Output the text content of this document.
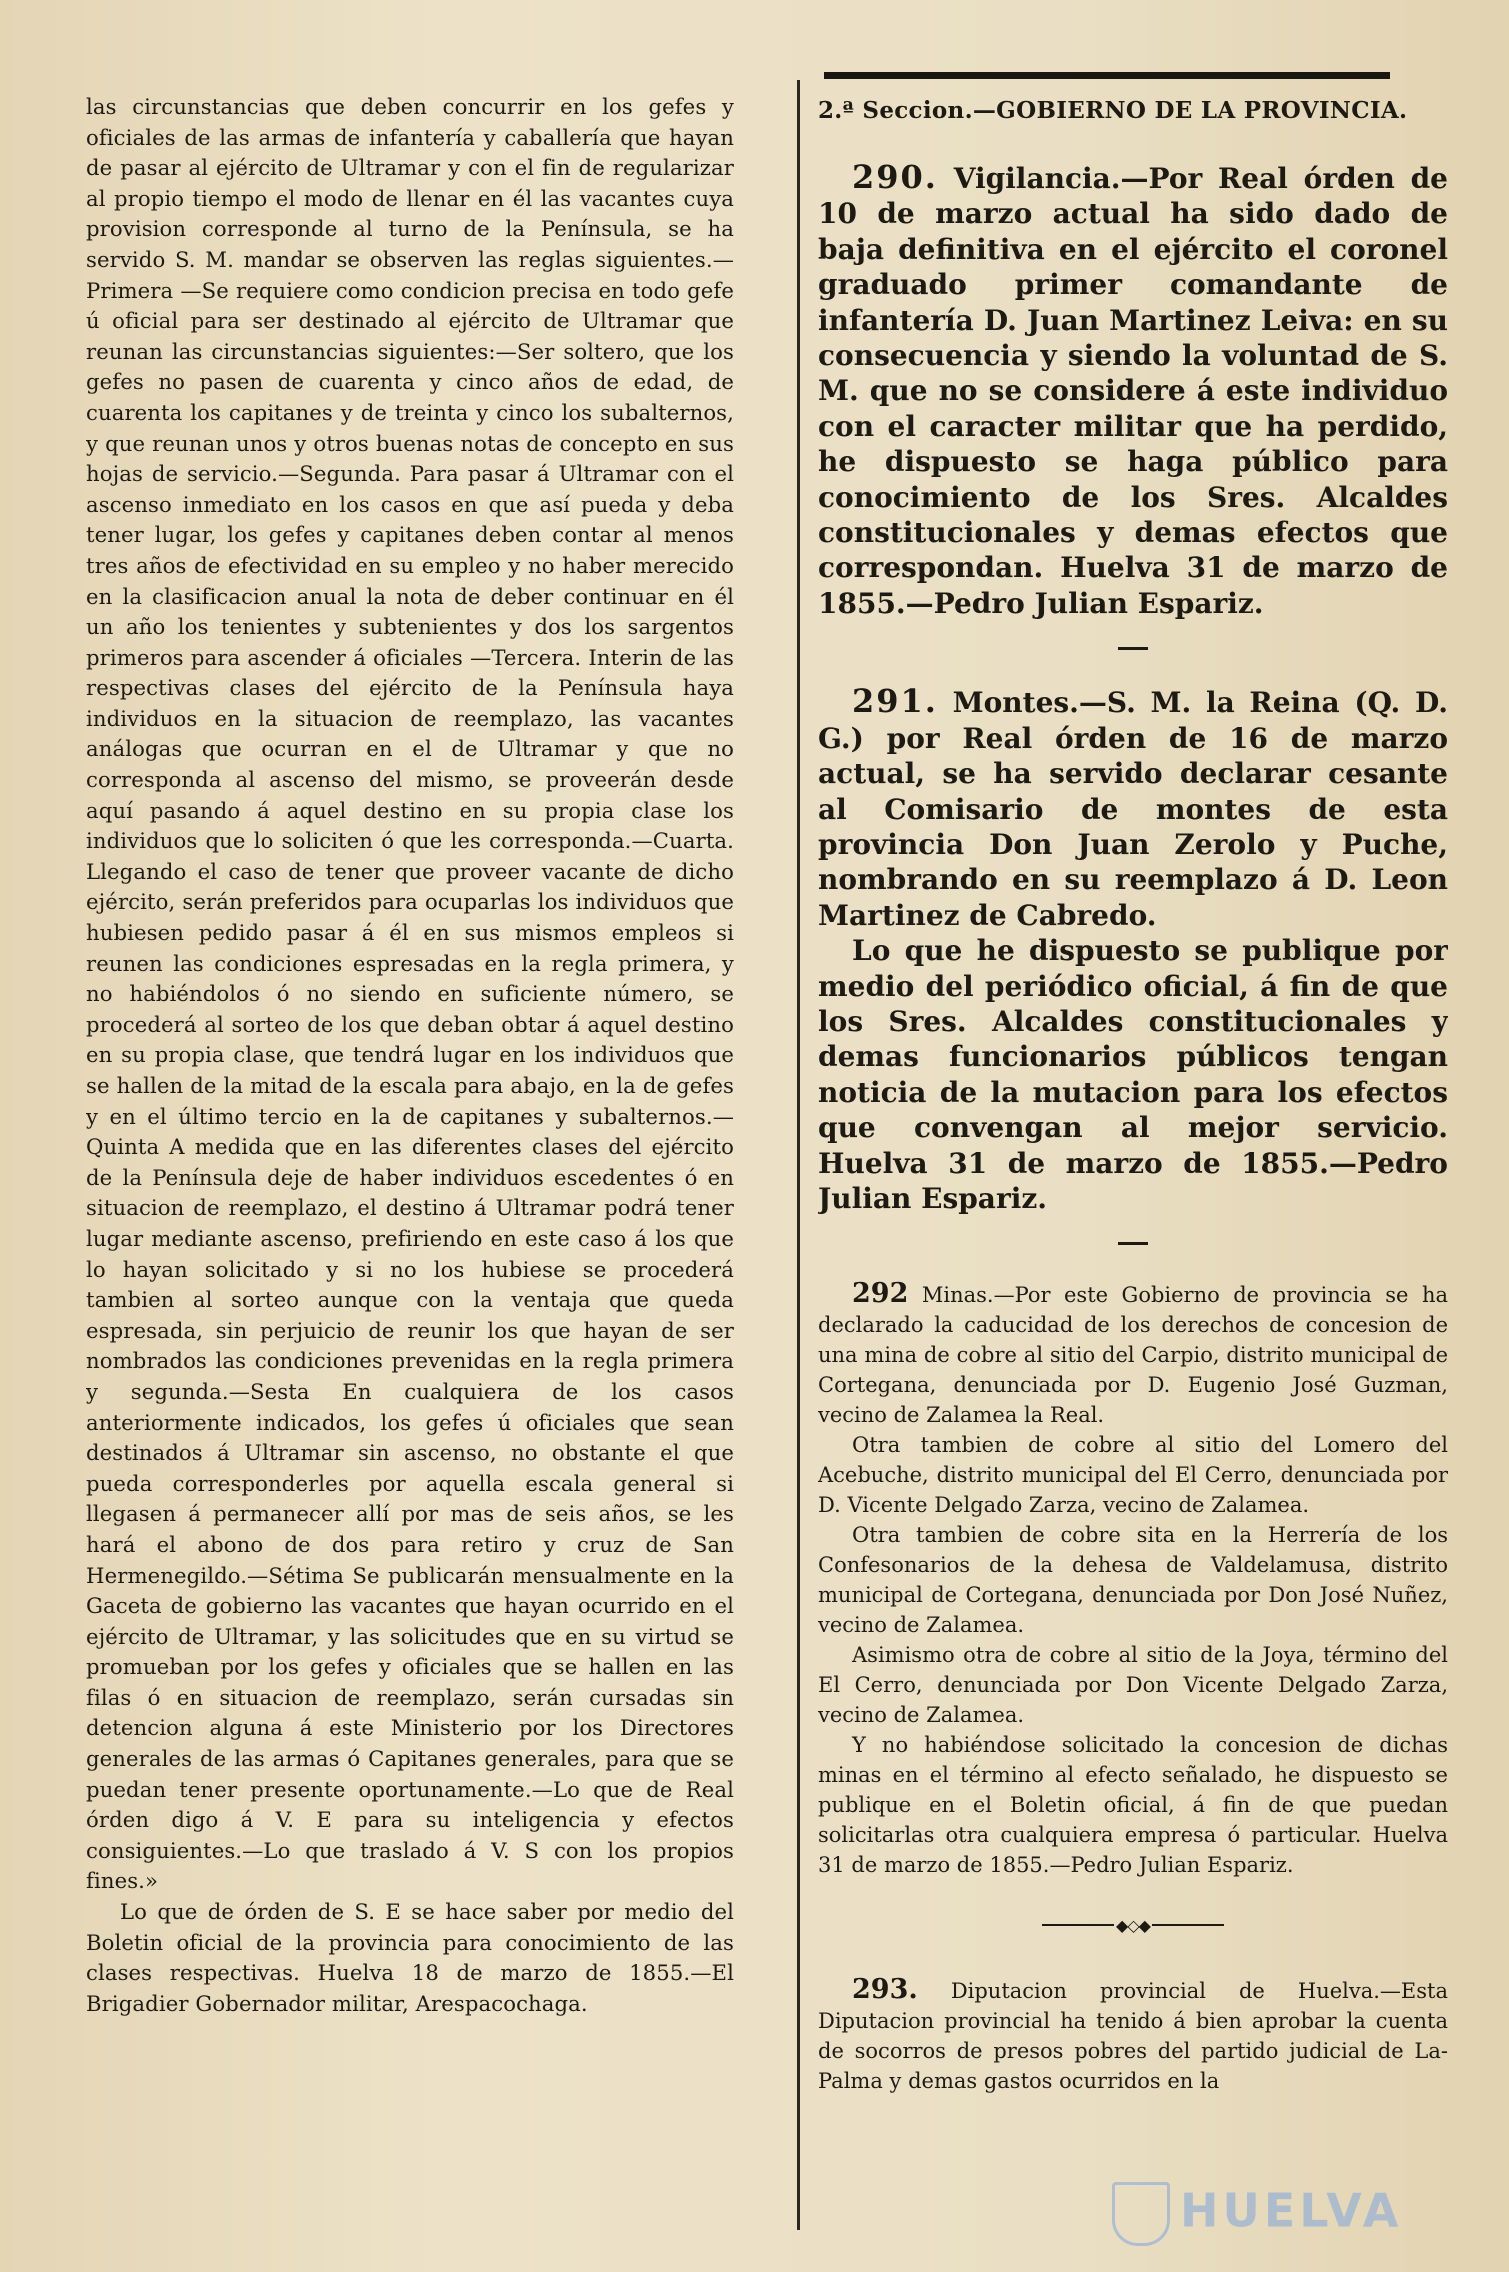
las circunstancias que deben concurrir en los gefes y oficiales de las armas de infantería y caballería que hayan de pasar al ejército de Ultramar y con el fin de regularizar al propio tiempo el modo de llenar en él las vacantes cuya provision corresponde al turno de la Península, se ha servido S. M. mandar se observen las reglas siguientes.—Primera —Se requiere como condicion precisa en todo gefe ú oficial para ser destinado al ejército de Ultramar que reunan las circunstancias siguientes:—Ser soltero, que los gefes no pasen de cuarenta y cinco años de edad, de cuarenta los capitanes y de treinta y cinco los subalternos, y que reunan unos y otros buenas notas de concepto en sus hojas de servicio.—Segunda. Para pasar á Ultramar con el ascenso inmediato en los casos en que así pueda y deba tener lugar, los gefes y capitanes deben contar al menos tres años de efectividad en su empleo y no haber merecido en la clasificacion anual la nota de deber continuar en él un año los tenientes y subtenientes y dos los sargentos primeros para ascender á oficiales —Tercera. Interin de las respectivas clases del ejército de la Península haya individuos en la situacion de reemplazo, las vacantes análogas que ocurran en el de Ultramar y que no corresponda al ascenso del mismo, se proveerán desde aquí pasando á aquel destino en su propia clase los individuos que lo soliciten ó que les corresponda.—Cuarta. Llegando el caso de tener que proveer vacante de dicho ejército, serán preferidos para ocuparlas los individuos que hubiesen pedido pasar á él en sus mismos empleos si reunen las condiciones espresadas en la regla primera, y no habiéndolos ó no siendo en suficiente número, se procederá al sorteo de los que deban obtar á aquel destino en su propia clase, que tendrá lugar en los individuos que se hallen de la mitad de la escala para abajo, en la de gefes y en el último tercio en la de capitanes y subalternos.—Quinta A medida que en las diferentes clases del ejército de la Península deje de haber individuos escedentes ó en situacion de reemplazo, el destino á Ultramar podrá tener lugar mediante ascenso, prefiriendo en este caso á los que lo hayan solicitado y si no los hubiese se procederá tambien al sorteo aunque con la ventaja que queda espresada, sin perjuicio de reunir los que hayan de ser nombrados las condiciones prevenidas en la regla primera y segunda.—Sesta En cualquiera de los casos anteriormente indicados, los gefes ú oficiales que sean destinados á Ultramar sin ascenso, no obstante el que pueda corresponderles por aquella escala general si llegasen á permanecer allí por mas de seis años, se les hará el abono de dos para retiro y cruz de San Hermenegildo.—Sétima Se publicarán mensualmente en la Gaceta de gobierno las vacantes que hayan ocurrido en el ejército de Ultramar, y las solicitudes que en su virtud se promueban por los gefes y oficiales que se hallen en las filas ó en situacion de reemplazo, serán cursadas sin detencion alguna á este Ministerio por los Directores generales de las armas ó Capitanes generales, para que se puedan tener presente oportunamente.—Lo que de Real órden digo á V. E para su inteligencia y efectos consiguientes.—Lo que traslado á V. S con los propios fines.»

Lo que de órden de S. E se hace saber por medio del Boletin oficial de la provincia para conocimiento de las clases respectivas. Huelva 18 de marzo de 1855.—El Brigadier Gobernador militar, Arespacochaga.

2.ª Seccion.—GOBIERNO DE LA PROVINCIA.

290. Vigilancia.—Por Real órden de 10 de marzo actual ha sido dado de baja definitiva en el ejército el coronel graduado primer comandante de infantería D. Juan Martinez Leiva: en su consecuencia y siendo la voluntad de S. M. que no se considere á este individuo con el caracter militar que ha perdido, he dispuesto se haga público para conocimiento de los Sres. Alcaldes constitucionales y demas efectos que correspondan. Huelva 31 de marzo de 1855.—Pedro Julian Espariz.

291. Montes.—S. M. la Reina (Q. D. G.) por Real órden de 16 de marzo actual, se ha servido declarar cesante al Comisario de montes de esta provincia Don Juan Zerolo y Puche, nombrando en su reemplazo á D. Leon Martinez de Cabredo.

Lo que he dispuesto se publique por medio del periódico oficial, á fin de que los Sres. Alcaldes constitucionales y demas funcionarios públicos tengan noticia de la mutacion para los efectos que convengan al mejor servicio. Huelva 31 de marzo de 1855.—Pedro Julian Espariz.

292 Minas.—Por este Gobierno de provincia se ha declarado la caducidad de los derechos de concesion de una mina de cobre al sitio del Carpio, distrito municipal de Cortegana, denunciada por D. Eugenio José Guzman, vecino de Zalamea la Real.

Otra tambien de cobre al sitio del Lomero del Acebuche, distrito municipal del El Cerro, denunciada por D. Vicente Delgado Zarza, vecino de Zalamea.

Otra tambien de cobre sita en la Herrería de los Confesonarios de la dehesa de Valdelamusa, distrito municipal de Cortegana, denunciada por Don José Nuñez, vecino de Zalamea.

Asimismo otra de cobre al sitio de la Joya, término del El Cerro, denunciada por Don Vicente Delgado Zarza, vecino de Zalamea.

Y no habiéndose solicitado la concesion de dichas minas en el término al efecto señalado, he dispuesto se publique en el Boletin oficial, á fin de que puedan solicitarlas otra cualquiera empresa ó particular. Huelva 31 de marzo de 1855.—Pedro Julian Espariz.

◆◇◆

293. Diputacion provincial de Huelva.—Esta Diputacion provincial ha tenido á bien aprobar la cuenta de socorros de presos pobres del partido judicial de La-Palma y demas gastos ocurridos en la

HUELVA
